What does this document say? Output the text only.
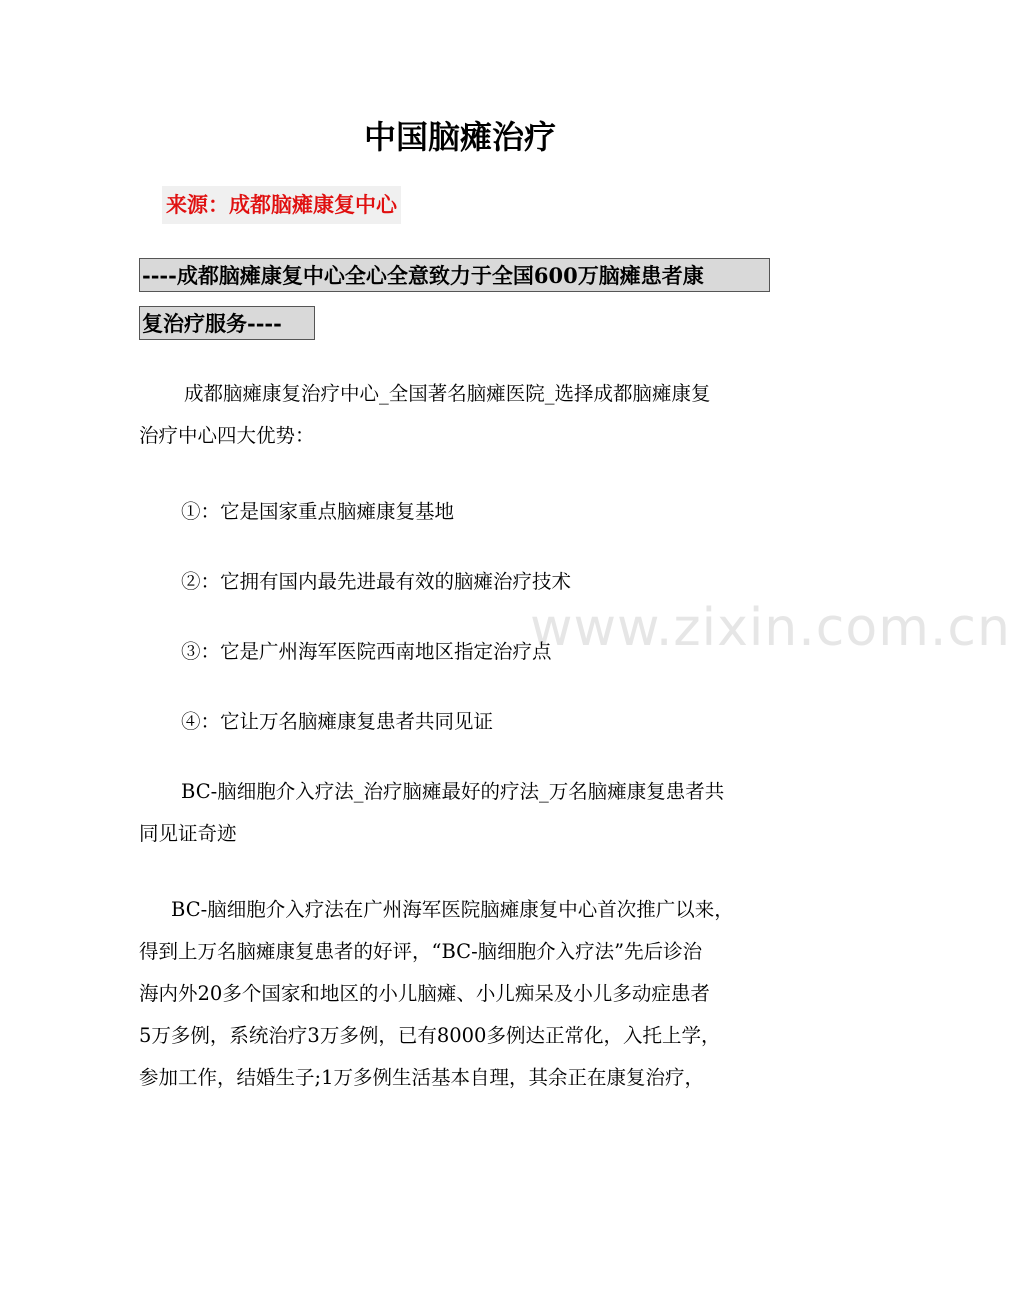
www.zixin.com.cn
中国脑瘫治疗
来源：成都脑瘫康复中心
----成都脑瘫康复中心全心全意致力于全国600万脑瘫患者康
复治疗服务----
成都脑瘫康复治疗中心_全国著名脑瘫医院_选择成都脑瘫康复
治疗中心四大优势：
①：它是国家重点脑瘫康复基地
②：它拥有国内最先进最有效的脑瘫治疗技术
③：它是广州海军医院西南地区指定治疗点
④：它让万名脑瘫康复患者共同见证
BC-脑细胞介入疗法_治疗脑瘫最好的疗法_万名脑瘫康复患者共
同见证奇迹
BC-脑细胞介入疗法在广州海军医院脑瘫康复中心首次推广以来，
得到上万名脑瘫康复患者的好评，“BC-脑细胞介入疗法”先后诊治
海内外20多个国家和地区的小儿脑瘫、小儿痴呆及小儿多动症患者
5万多例，系统治疗3万多例，已有8000多例达正常化，入托上学，
参加工作，结婚生子;1万多例生活基本自理，其余正在康复治疗，
